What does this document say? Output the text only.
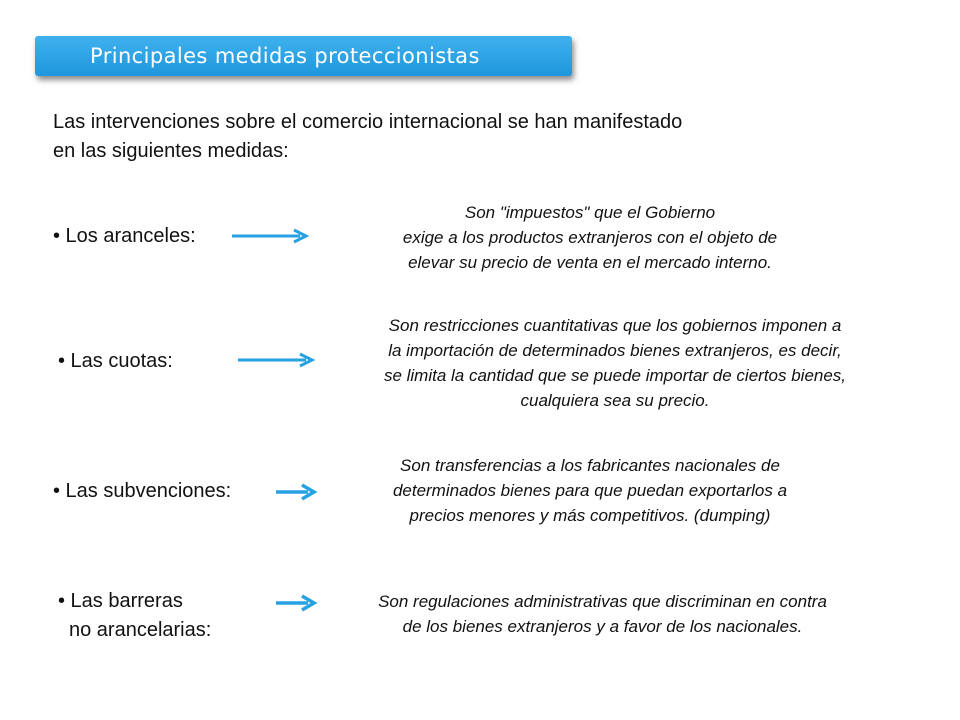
Principales medidas proteccionistas
Las intervenciones sobre el comercio internacional se han manifestado
en las siguientes medidas:
• Los aranceles:
Son "impuestos" que el Gobierno
exige a los productos extranjeros con el objeto de
elevar su precio de venta en el mercado interno.
• Las cuotas:
Son restricciones cuantitativas que los gobiernos imponen a
la importación de determinados bienes extranjeros, es decir,
se limita la cantidad que se puede importar de ciertos bienes,
cualquiera sea su precio.
• Las subvenciones:
Son transferencias a los fabricantes nacionales de
determinados bienes para que puedan exportarlos a
precios menores y más competitivos. (dumping)
• Las barreras
no arancelarias:
Son regulaciones administrativas que discriminan en contra
de los bienes extranjeros y a favor de los nacionales.
